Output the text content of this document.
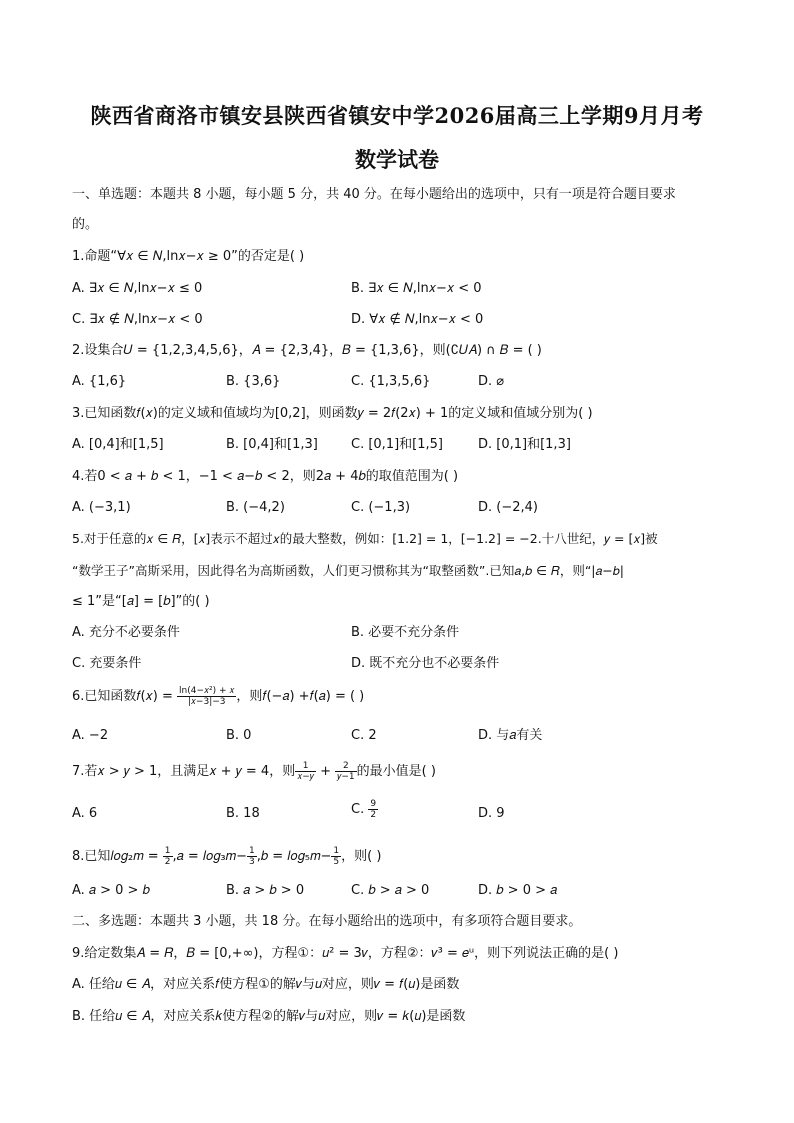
陕西省商洛市镇安县陕西省镇安中学2026届高三上学期9月月考
数学试卷
一、单选题：本题共 8 小题，每小题 5 分，共 40 分。在每小题给出的选项中，只有一项是符合题目要求
的。
1.命题“∀𝑥 ∈ 𝑁,ln𝑥−𝑥 ≥ 0”的否定是( )
A. ∃𝑥 ∈ 𝑁,ln𝑥−𝑥 ≤ 0	B. ∃𝑥 ∈ 𝑁,ln𝑥−𝑥 < 0
C. ∃𝑥 ∉ 𝑁,ln𝑥−𝑥 < 0	D. ∀𝑥 ∉ 𝑁,ln𝑥−𝑥 < 0
2.设集合𝑈 = {1,2,3,4,5,6}，𝐴 = {2,3,4}，𝐵 = {1,3,6}，则(∁𝑈𝐴) ∩ 𝐵 = ( )
A. {1,6}	B. {3,6}	C. {1,3,5,6}	D. ⌀
3.已知函数𝑓(𝑥)的定义域和值域均为[0,2]，则函数𝑦 = 2𝑓(2𝑥) + 1的定义域和值域分别为( )
A. [0,4]和[1,5]	B. [0,4]和[1,3]	C. [0,1]和[1,5]	D. [0,1]和[1,3]
4.若0 < 𝑎 + 𝑏 < 1，−1 < 𝑎−𝑏 < 2，则2𝑎 + 4𝑏的取值范围为( )
A. (−3,1)	B. (−4,2)	C. (−1,3)	D. (−2,4)
5.对于任意的𝑥 ∈ 𝑅，[𝑥]表示不超过𝑥的最大整数，例如：[1.2] = 1，[−1.2] = −2.十八世纪，𝑦 = [𝑥]被
“数学王子”高斯采用，因此得名为高斯函数，人们更习惯称其为“取整函数”.已知𝑎,𝑏 ∈ 𝑅，则“|𝑎−𝑏|
≤ 1”是“[𝑎] = [𝑏]”的( )
A. 充分不必要条件	B. 必要不充分条件
C. 充要条件	D. 既不充分也不必要条件
6.已知函数𝑓(𝑥) = $\frac{\text{ln(4−𝑥²) + 𝑥}}{\text{|𝑥−3|−3}}$ ，则𝑓(−𝑎) +𝑓(𝑎) = ( )
A. −2	B. 0	C. 2	D. 与𝑎有关
7.若𝑥 > 𝑦 > 1，且满足𝑥 + 𝑦 = 4，则 $\frac{1}{\text{𝑥−𝑦}} + \frac{2}{\text{𝑦−1}}$ 的最小值是( )
A. 6	B. 18	C. $\frac{9}{2}$	D. 9
8.已知𝑙𝑜𝑔₂𝑚 = $\frac{1}{2}$ ,𝑎 = 𝑙𝑜𝑔₃𝑚− $\frac{1}{3}$ ,𝑏 = 𝑙𝑜𝑔₅𝑚− $\frac{1}{5}$ ，则( )
A. 𝑎 > 0 > 𝑏	B. 𝑎 > 𝑏 > 0	C. 𝑏 > 𝑎 > 0	D. 𝑏 > 0 > 𝑎
二、多选题：本题共 3 小题，共 18 分。在每小题给出的选项中，有多项符合题目要求。
9.给定数集𝐴 = 𝑅，𝐵 = [0,+∞)，方程①：𝑢² = 3𝑣，方程②：𝑣³ = 𝑒ᵘ，则下列说法正确的是( )
A. 任给𝑢 ∈ 𝐴，对应关系𝑓使方程①的解𝑣与𝑢对应，则𝑣 = 𝑓(𝑢)是函数
B. 任给𝑢 ∈ 𝐴，对应关系𝑘使方程②的解𝑣与𝑢对应，则𝑣 = 𝑘(𝑢)是函数
